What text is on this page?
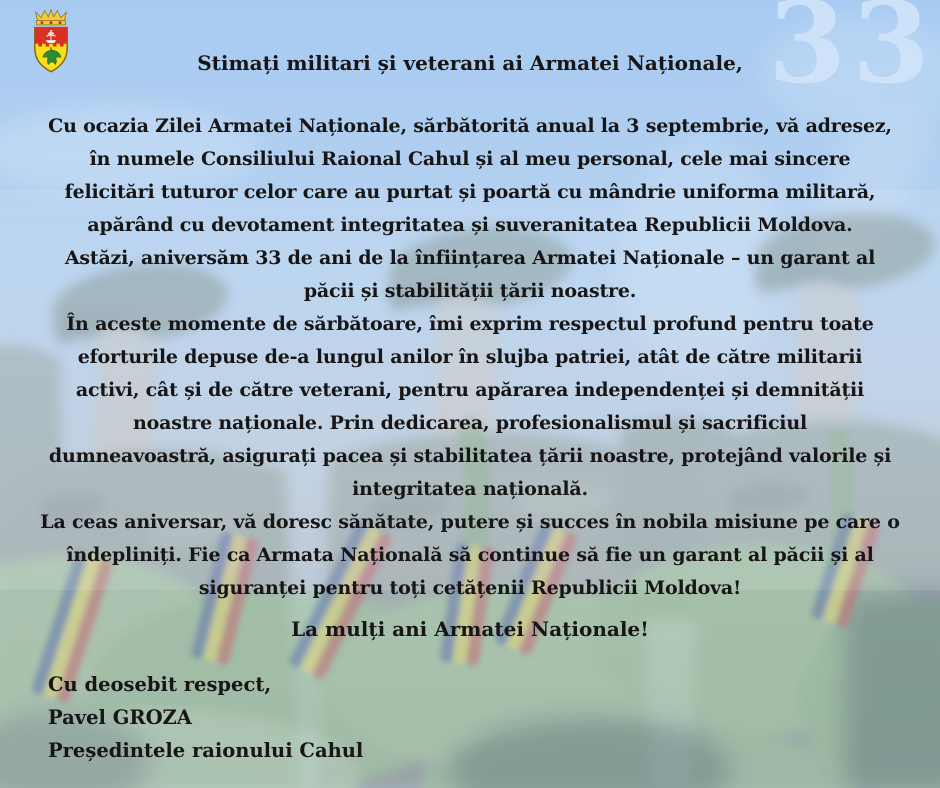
33
Stimați militari și veterani ai Armatei Naționale,
Cu ocazia Zilei Armatei Naționale, sărbătorită anual la 3 septembrie, vă adresez,
în numele Consiliului Raional Cahul și al meu personal, cele mai sincere
felicitări tuturor celor care au purtat și poartă cu mândrie uniforma militară,
apărând cu devotament integritatea și suveranitatea Republicii Moldova.
Astăzi, aniversăm 33 de ani de la înființarea Armatei Naționale – un garant al
păcii și stabilității țării noastre.
În aceste momente de sărbătoare, îmi exprim respectul profund pentru toate
eforturile depuse de-a lungul anilor în slujba patriei, atât de către militarii
activi, cât și de către veterani, pentru apărarea independenței și demnității
noastre naționale. Prin dedicarea, profesionalismul și sacrificiul
dumneavoastră, asigurați pacea și stabilitatea țării noastre, protejând valorile și
integritatea națională.
La ceas aniversar, vă doresc sănătate, putere și succes în nobila misiune pe care o
îndepliniți. Fie ca Armata Națională să continue să fie un garant al păcii și al
siguranței pentru toți cetățenii Republicii Moldova!
La mulți ani Armatei Naționale!
Cu deosebit respect,
Pavel GROZA
Președintele raionului Cahul
